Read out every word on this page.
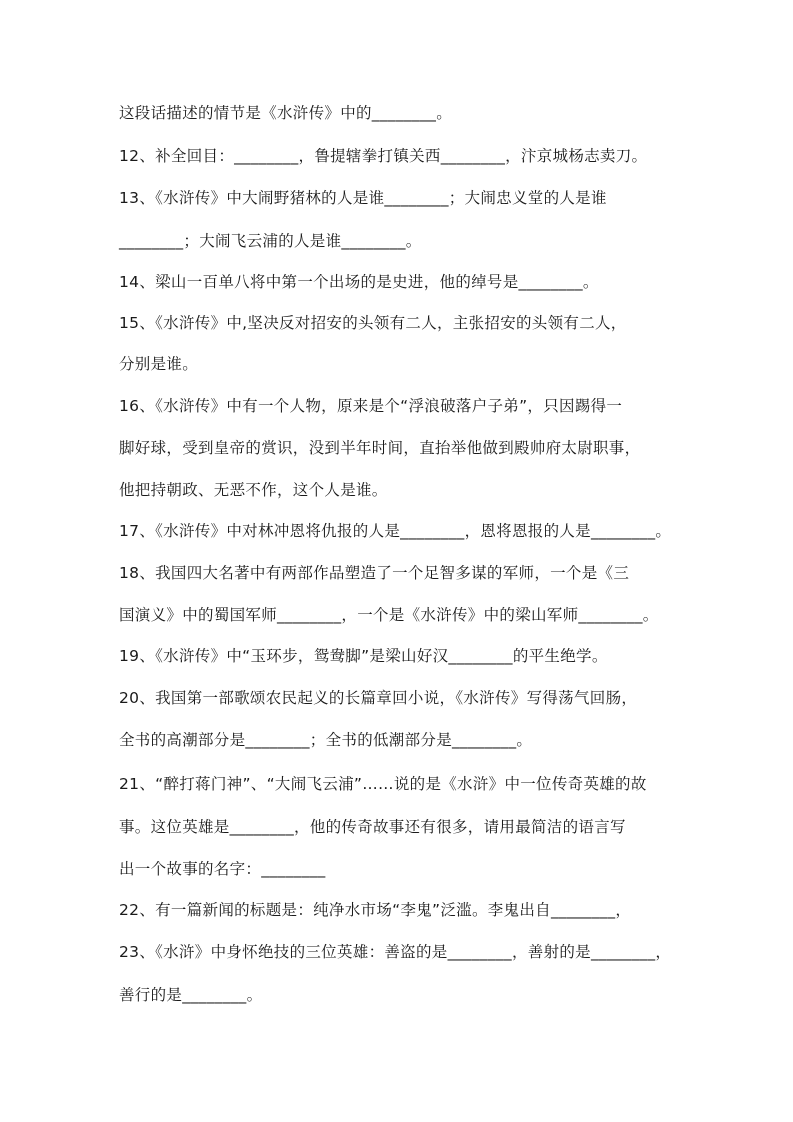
这段话描述的情节是《水浒传》中的________。
12、补全回目：________，鲁提辖拳打镇关西________，汴京城杨志卖刀。
13、《水浒传》中大闹野猪林的人是谁________；大闹忠义堂的人是谁
________；大闹飞云浦的人是谁________。
14、梁山一百单八将中第一个出场的是史进，他的绰号是________。
15、《水浒传》中,坚决反对招安的头领有二人，主张招安的头领有二人，
分别是谁。
16、《水浒传》中有一个人物，原来是个“浮浪破落户子弟”，只因踢得一
脚好球，受到皇帝的赏识，没到半年时间，直抬举他做到殿帅府太尉职事，
他把持朝政、无恶不作，这个人是谁。
17、《水浒传》中对林冲恩将仇报的人是________，恩将恩报的人是________。
18、我国四大名著中有两部作品塑造了一个足智多谋的军师，一个是《三
国演义》中的蜀国军师________，一个是《水浒传》中的梁山军师________。
19、《水浒传》中“玉环步，鸳鸯脚”是梁山好汉________的平生绝学。
20、我国第一部歌颂农民起义的长篇章回小说，《水浒传》写得荡气回肠，
全书的高潮部分是________；全书的低潮部分是________。
21、“醉打蒋门神”、“大闹飞云浦”……说的是《水浒》中一位传奇英雄的故
事。这位英雄是________，他的传奇故事还有很多，请用最简洁的语言写
出一个故事的名字：________
22、有一篇新闻的标题是：纯净水市场“李鬼”泛滥。李鬼出自________，
23、《水浒》中身怀绝技的三位英雄：善盗的是________，善射的是________，
善行的是________。
